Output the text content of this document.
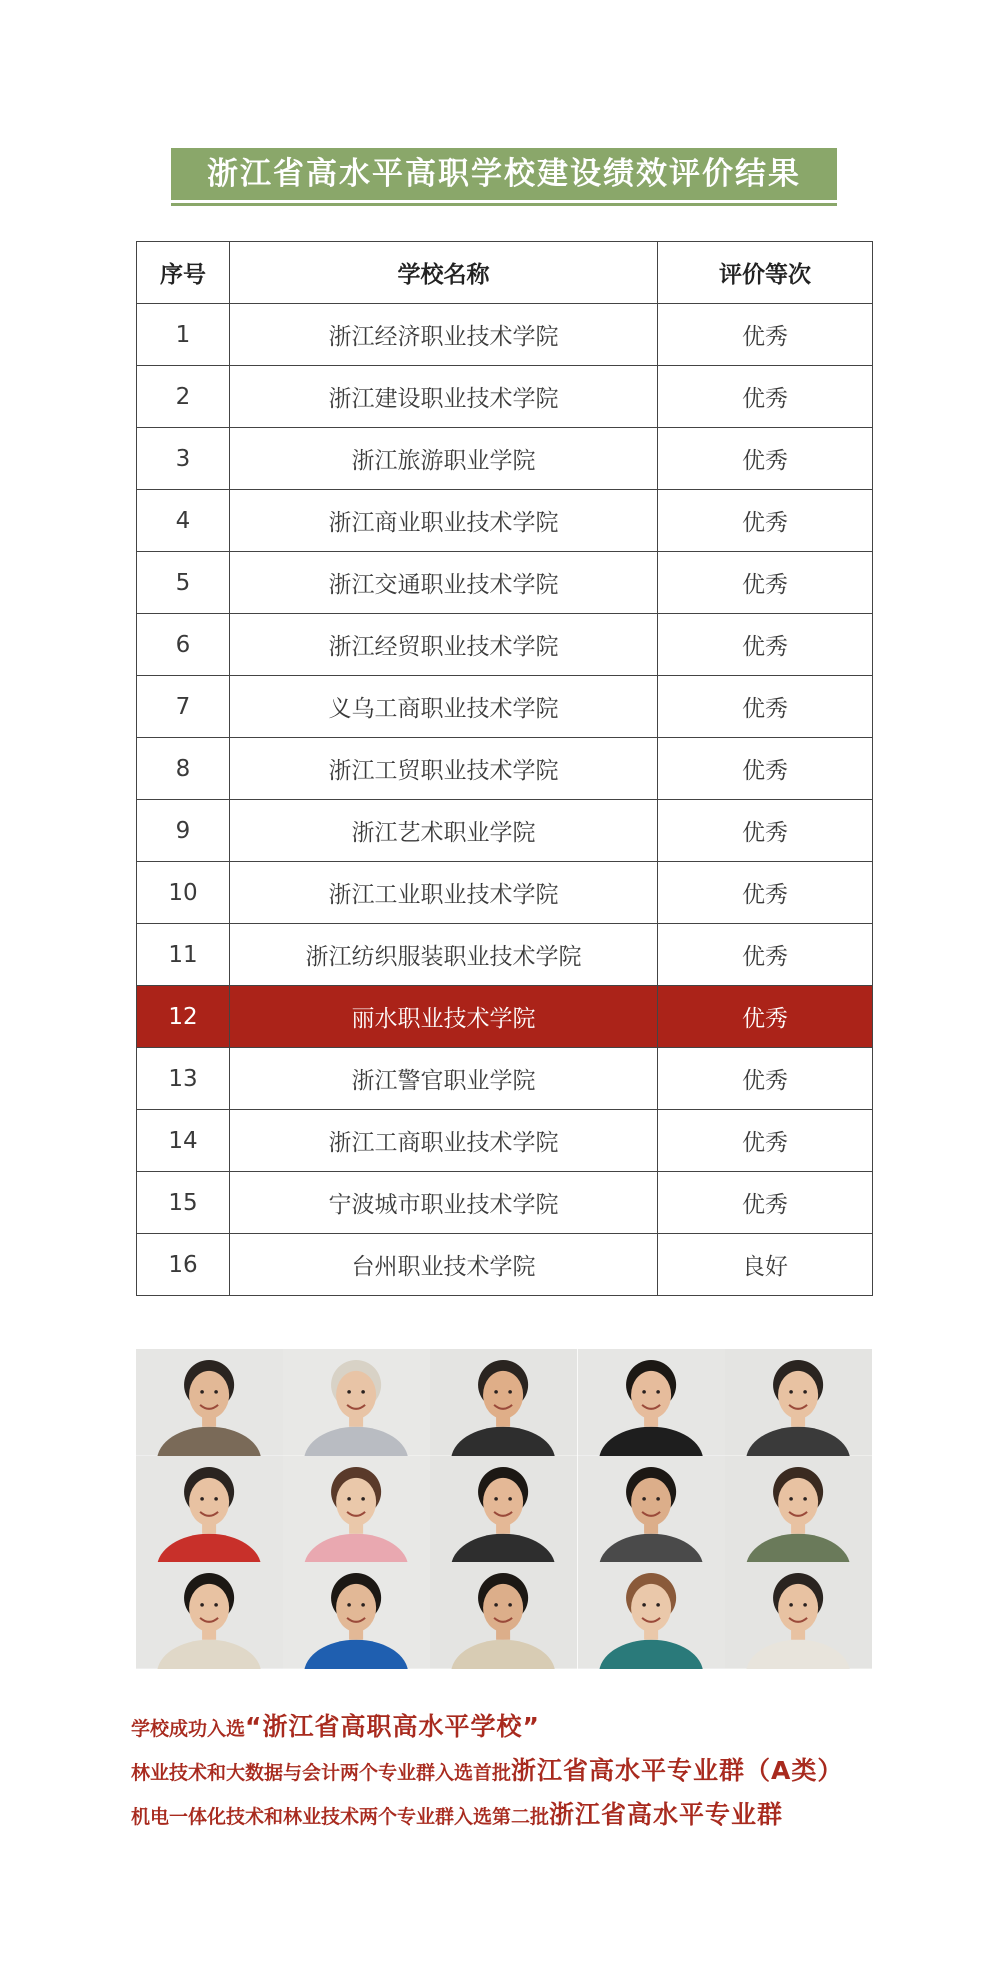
浙江省高水平高职学校建设绩效评价结果
序号	学校名称	评价等次
1	浙江经济职业技术学院	优秀
2	浙江建设职业技术学院	优秀
3	浙江旅游职业学院	优秀
4	浙江商业职业技术学院	优秀
5	浙江交通职业技术学院	优秀
6	浙江经贸职业技术学院	优秀
7	义乌工商职业技术学院	优秀
8	浙江工贸职业技术学院	优秀
9	浙江艺术职业学院	优秀
10	浙江工业职业技术学院	优秀
11	浙江纺织服装职业技术学院	优秀
12	丽水职业技术学院	优秀
13	浙江警官职业学院	优秀
14	浙江工商职业技术学院	优秀
15	宁波城市职业技术学院	优秀
16	台州职业技术学院	良好
学校成功入选“浙江省高职高水平学校”
林业技术和大数据与会计两个专业群入选首批浙江省高水平专业群（A类）
机电一体化技术和林业技术两个专业群入选第二批浙江省高水平专业群
